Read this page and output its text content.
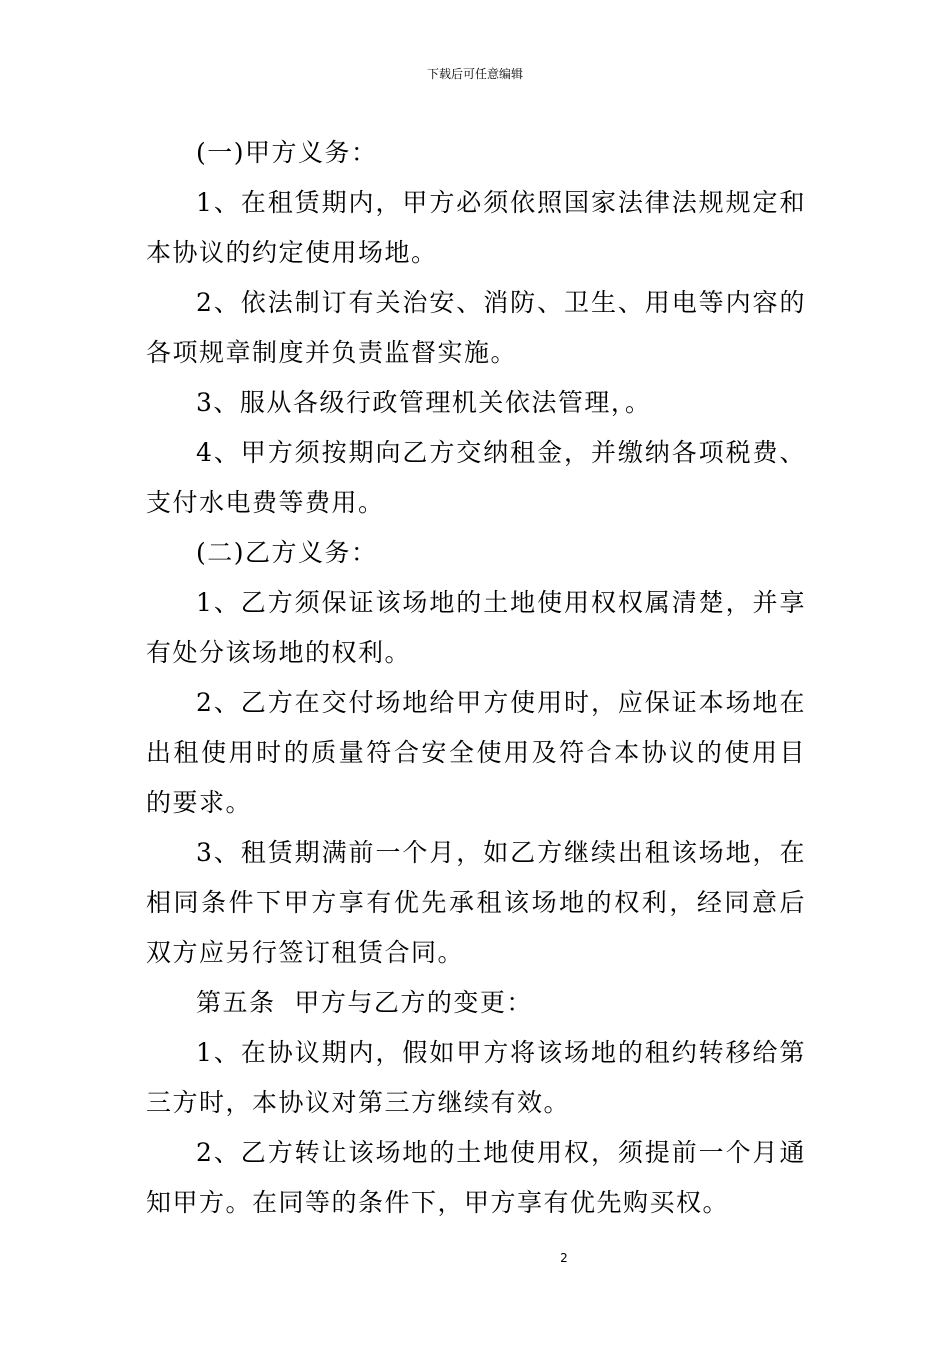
下载后可任意编辑

(一)甲方义务：

1、在租赁期内，甲方必须依照国家法律法规规定和本协议的约定使用场地。

2、依法制订有关治安、消防、卫生、用电等内容的各项规章制度并负责监督实施。

3、服从各级行政管理机关依法管理，。

4、甲方须按期向乙方交纳租金，并缴纳各项税费、支付水电费等费用。

(二)乙方义务：

1、乙方须保证该场地的土地使用权权属清楚，并享有处分该场地的权利。

2、乙方在交付场地给甲方使用时，应保证本场地在出租使用时的质量符合安全使用及符合本协议的使用目的要求。

3、租赁期满前一个月，如乙方继续出租该场地，在相同条件下甲方享有优先承租该场地的权利，经同意后双方应另行签订租赁合同。

第五条  甲方与乙方的变更：

1、在协议期内，假如甲方将该场地的租约转移给第三方时，本协议对第三方继续有效。

2、乙方转让该场地的土地使用权，须提前一个月通知甲方。在同等的条件下，甲方享有优先购买权。

2
